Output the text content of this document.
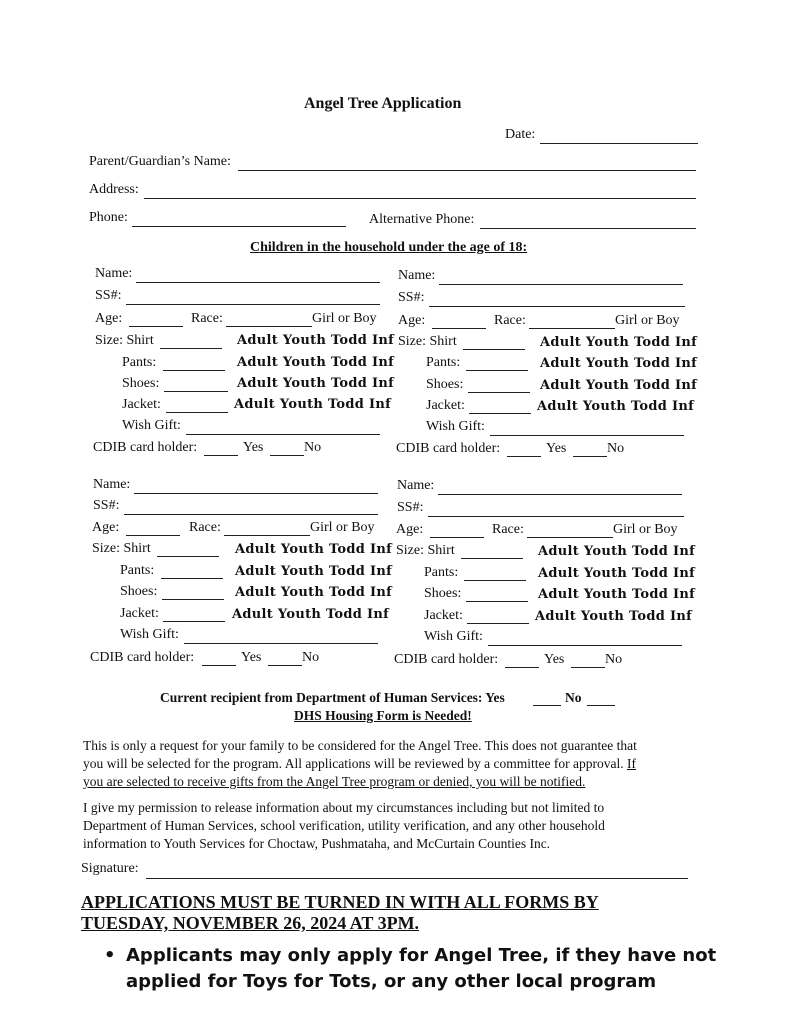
Angel Tree Application
Date:
Parent/Guardian’s Name:
Address:
Phone:	Alternative Phone:
Children in the household under the age of 18:
Name:
SS#:
Age:	Race:	Girl or Boy
Size: Shirt	Adult Youth Todd Inf
Pants:	Adult Youth Todd Inf
Shoes:	Adult Youth Todd Inf
Jacket:	Adult Youth Todd Inf
Wish Gift:
CDIB card holder:	Yes	No
Name:
SS#:
Age:	Race:	Girl or Boy
Size: Shirt	Adult Youth Todd Inf
Pants:	Adult Youth Todd Inf
Shoes:	Adult Youth Todd Inf
Jacket:	Adult Youth Todd Inf
Wish Gift:
CDIB card holder:	Yes	No
Name:
SS#:
Age:	Race:	Girl or Boy
Size: Shirt	Adult Youth Todd Inf
Pants:	Adult Youth Todd Inf
Shoes:	Adult Youth Todd Inf
Jacket:	Adult Youth Todd Inf
Wish Gift:
CDIB card holder:	Yes	No
Name:
SS#:
Age:	Race:	Girl or Boy
Size: Shirt	Adult Youth Todd Inf
Pants:	Adult Youth Todd Inf
Shoes:	Adult Youth Todd Inf
Jacket:	Adult Youth Todd Inf
Wish Gift:
CDIB card holder:	Yes	No
Current recipient from Department of Human Services: Yes	No
DHS Housing Form is Needed!
This is only a request for your family to be considered for the Angel Tree. This does not guarantee that
you will be selected for the program. All applications will be reviewed by a committee for approval. If
you are selected to receive gifts from the Angel Tree program or denied, you will be notified.
I give my permission to release information about my circumstances including but not limited to
Department of Human Services, school verification, utility verification, and any other household
information to Youth Services for Choctaw, Pushmataha, and McCurtain Counties Inc.
Signature:
APPLICATIONS MUST BE TURNED IN WITH ALL FORMS BY
TUESDAY, NOVEMBER 26, 2024 AT 3PM.
• Applicants may only apply for Angel Tree, if they have not
applied for Toys for Tots, or any other local program
